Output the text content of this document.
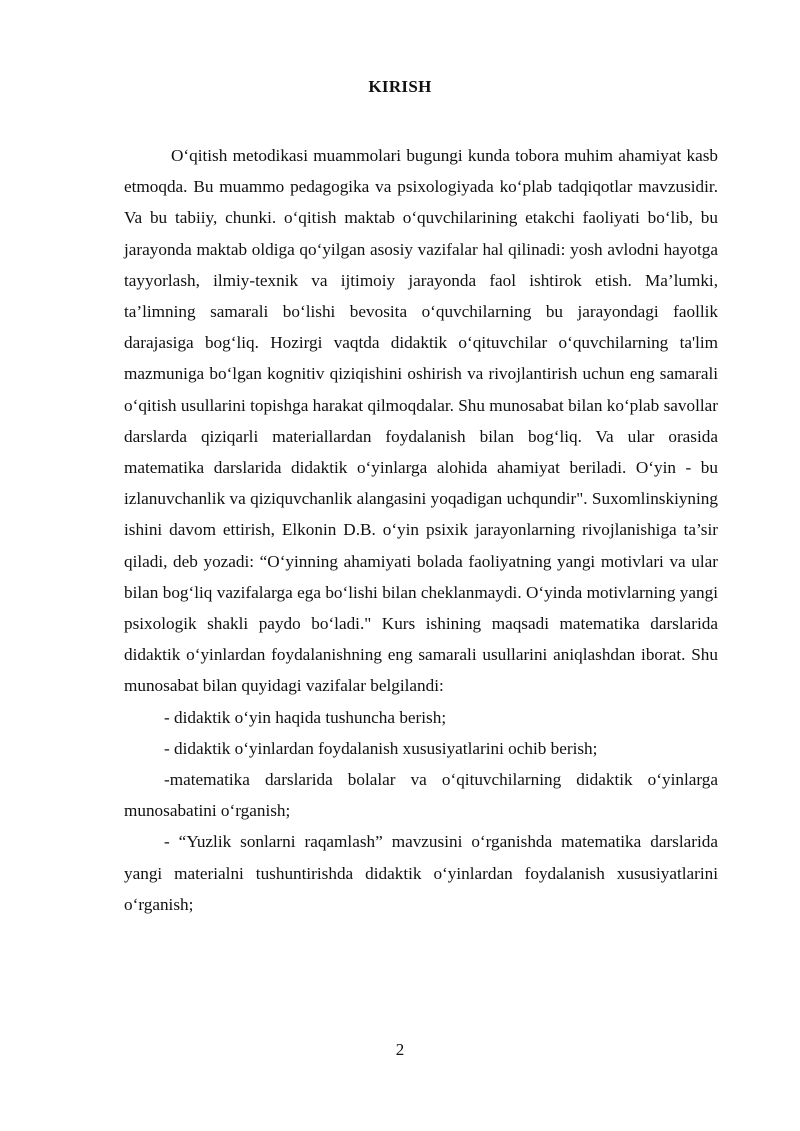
KIRISH

O‘qitish metodikasi muammolari bugungi kunda tobora muhim ahamiyat kasb etmoqda. Bu muammo pedagogika va psixologiyada ko‘plab tadqiqotlar mavzusidir. Va bu tabiiy, chunki. o‘qitish maktab o‘quvchilarining etakchi faoliyati bo‘lib, bu jarayonda maktab oldiga qo‘yilgan asosiy vazifalar hal qilinadi: yosh avlodni hayotga tayyorlash, ilmiy-texnik va ijtimoiy jarayonda faol ishtirok etish. Ma’lumki, ta’limning samarali bo‘lishi bevosita o‘quvchilarning bu jarayondagi faollik darajasiga bog‘liq. Hozirgi vaqtda didaktik o‘qituvchilar o‘quvchilarning ta'lim mazmuniga bo‘lgan kognitiv qiziqishini oshirish va rivojlantirish uchun eng samarali o‘qitish usullarini topishga harakat qilmoqdalar. Shu munosabat bilan ko‘plab savollar darslarda qiziqarli materiallardan foydalanish bilan bog‘liq. Va ular orasida matematika darslarida didaktik o‘yinlarga alohida ahamiyat beriladi. O‘yin - bu izlanuvchanlik va qiziquvchanlik alangasini yoqadigan uchqundir". Suxomlinskiyning ishini davom ettirish, Elkonin D.B. o‘yin psixik jarayonlarning rivojlanishiga ta’sir qiladi, deb yozadi: “O‘yinning ahamiyati bolada faoliyatning yangi motivlari va ular bilan bog‘liq vazifalarga ega bo‘lishi bilan cheklanmaydi. O‘yinda motivlarning yangi psixologik shakli paydo bo‘ladi." Kurs ishining maqsadi matematika darslarida didaktik o‘yinlardan foydalanishning eng samarali usullarini aniqlashdan iborat. Shu munosabat bilan quyidagi vazifalar belgilandi:

- didaktik o‘yin haqida tushuncha berish;

- didaktik o‘yinlardan foydalanish xususiyatlarini ochib berish;

-matematika darslarida bolalar va o‘qituvchilarning didaktik o‘yinlarga munosabatini o‘rganish;

- “Yuzlik sonlarni raqamlash” mavzusini o‘rganishda matematika darslarida yangi materialni tushuntirishda didaktik o‘yinlardan foydalanish xususiyatlarini o‘rganish;

2
